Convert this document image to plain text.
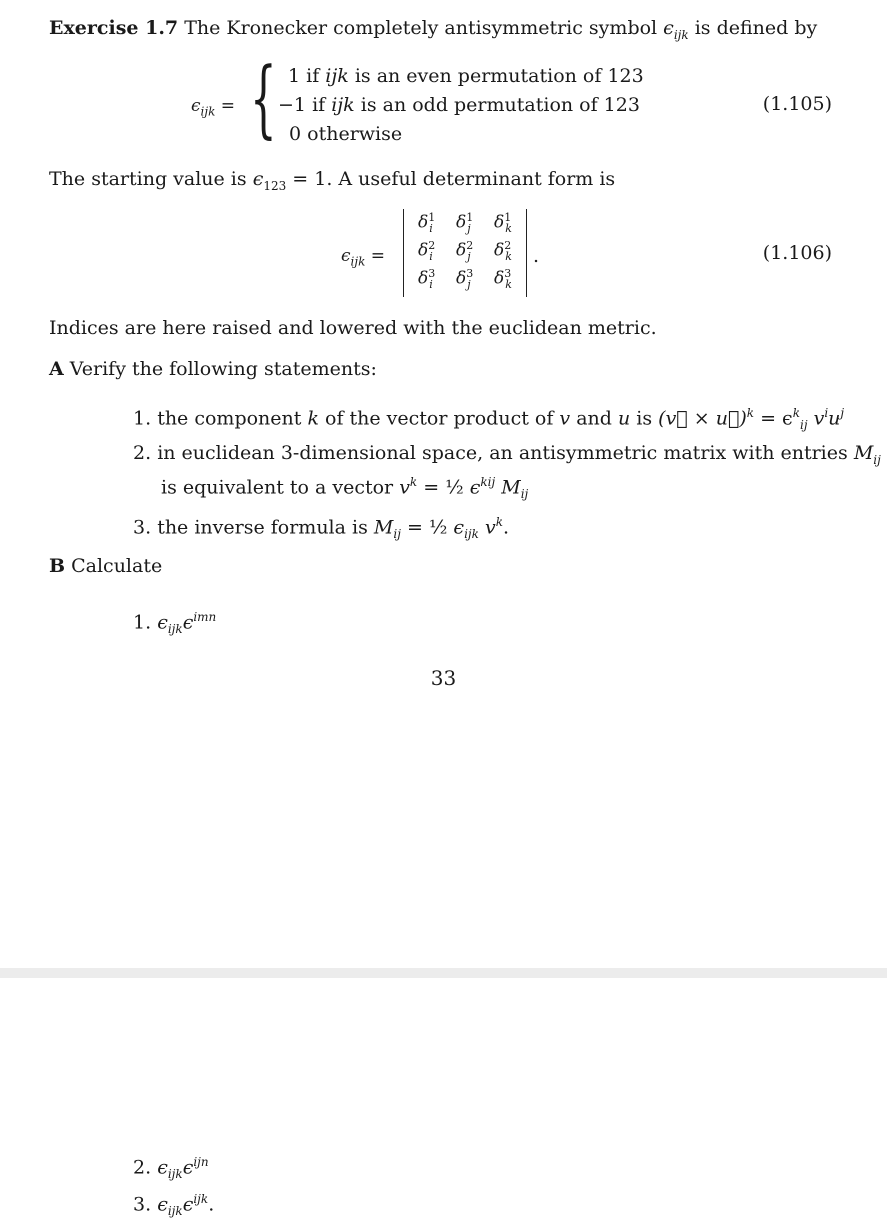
Exercise 1.7 The Kronecker completely antisymmetric symbol $\epsilon_{ijk}$ is defined by
$\epsilon_{ijk}$ = { 1 if ijk is an even permutation of 123
−1 if ijk is an odd permutation of 123
0 otherwise
(1.105)
The starting value is $\epsilon_{123} = 1$. A useful determinant form is
$\epsilon_{ijk}$ =
$\delta^1_i$ $\delta^1_j$ $\delta^1_k$
$\delta^2_i$ $\delta^2_j$ $\delta^2_k$
$\delta^3_i$ $\delta^3_j$ $\delta^3_k$
.	(1.106)
Indices are here raised and lowered with the euclidean metric.
A Verify the following statements:
1. the component k of the vector product of v and u is (v⃗ × u⃗)$^k$ = $\epsilon^k_{ij}$ $v^iu^j$
2. in euclidean 3-dimensional space, an antisymmetric matrix with entries $M_{ij}$
is equivalent to a vector $v^k$ = ½ $\epsilon^{kij}$ $M_{ij}$
3. the inverse formula is $M_{ij}$ = ½ $\epsilon_{ijk}$ $v^k$.
B Calculate
1. $\epsilon_{ijk}\epsilon^{imn}$
33
2. $\epsilon_{ijk}\epsilon^{ijn}$
3. $\epsilon_{ijk}\epsilon^{ijk}$.
